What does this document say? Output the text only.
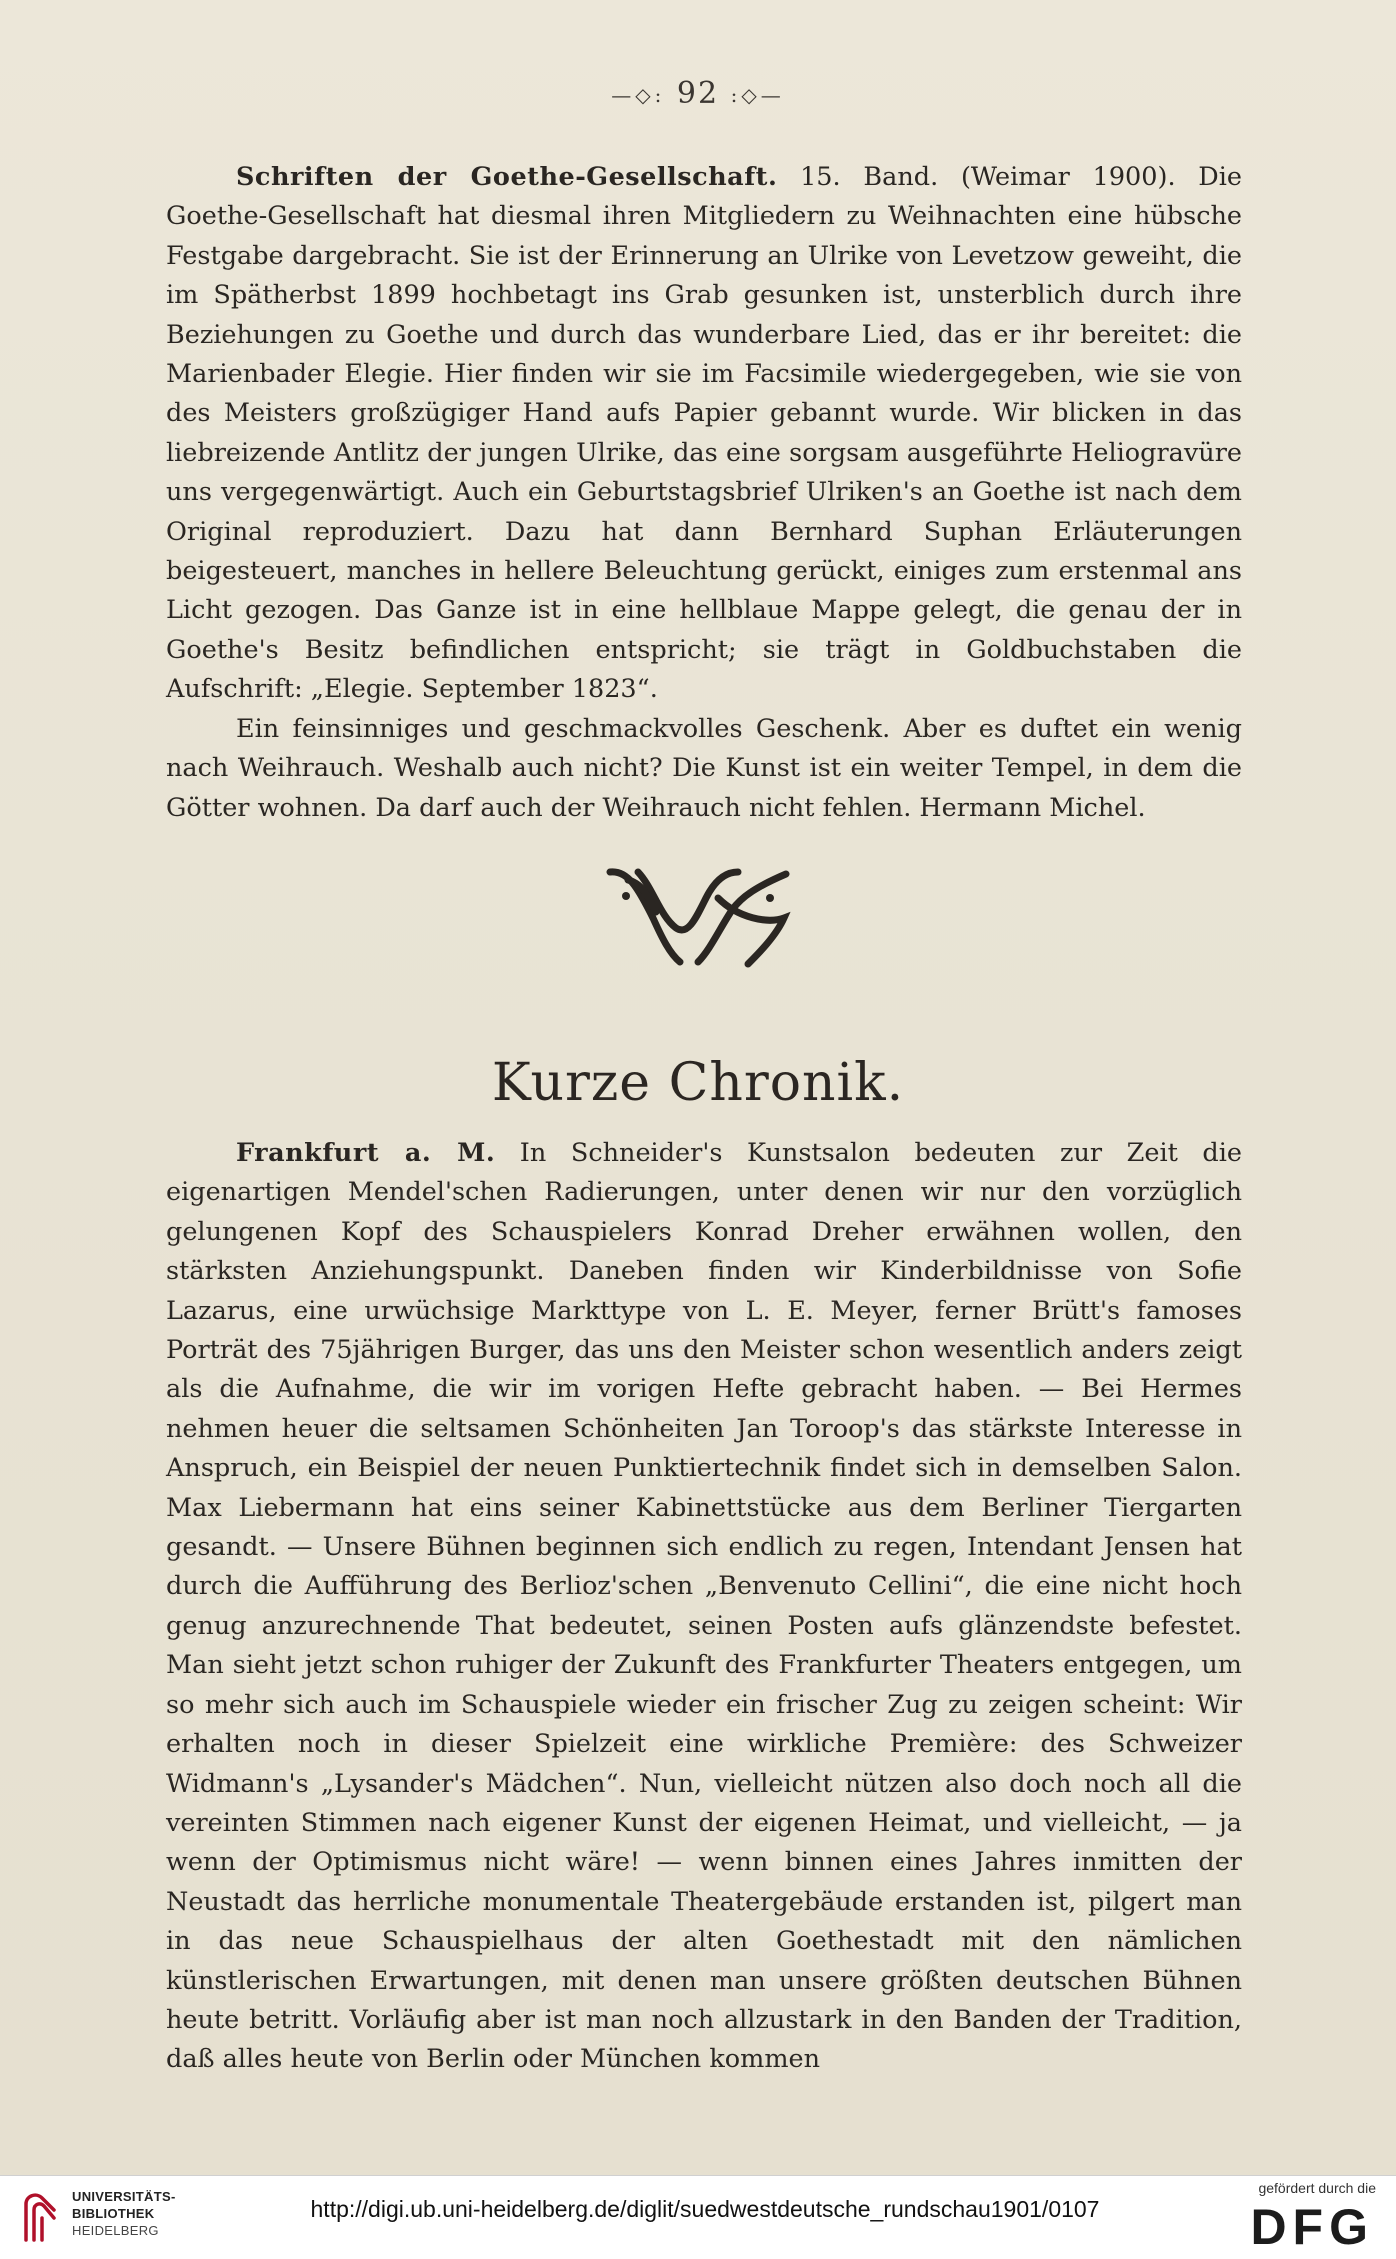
—◇: 92 :◇—

Schriften der Goethe-Gesellschaft. 15. Band. (Weimar 1900). Die Goethe-Gesellschaft hat diesmal ihren Mitgliedern zu Weihnachten eine hübsche Festgabe dargebracht. Sie ist der Erinnerung an Ulrike von Levetzow geweiht, die im Spätherbst 1899 hochbetagt ins Grab gesunken ist, unsterblich durch ihre Beziehungen zu Goethe und durch das wunderbare Lied, das er ihr bereitet: die Marienbader Elegie. Hier finden wir sie im Facsimile wiedergegeben, wie sie von des Meisters großzügiger Hand aufs Papier gebannt wurde. Wir blicken in das liebreizende Antlitz der jungen Ulrike, das eine sorgsam ausgeführte Heliogravüre uns vergegenwärtigt. Auch ein Geburtstagsbrief Ulriken's an Goethe ist nach dem Original reproduziert. Dazu hat dann Bernhard Suphan Erläuterungen beigesteuert, manches in hellere Beleuchtung gerückt, einiges zum erstenmal ans Licht gezogen. Das Ganze ist in eine hellblaue Mappe gelegt, die genau der in Goethe's Besitz befindlichen entspricht; sie trägt in Goldbuchstaben die Aufschrift: „Elegie. September 1823“.

Ein feinsinniges und geschmackvolles Geschenk. Aber es duftet ein wenig nach Weihrauch. Weshalb auch nicht? Die Kunst ist ein weiter Tempel, in dem die Götter wohnen. Da darf auch der Weihrauch nicht fehlen. Hermann Michel.

Kurze Chronik.

Frankfurt a. M. In Schneider's Kunstsalon bedeuten zur Zeit die eigenartigen Mendel'schen Radierungen, unter denen wir nur den vorzüglich gelungenen Kopf des Schauspielers Konrad Dreher erwähnen wollen, den stärksten Anziehungspunkt. Daneben finden wir Kinderbildnisse von Sofie Lazarus, eine urwüchsige Markttype von L. E. Meyer, ferner Brütt's famoses Porträt des 75jährigen Burger, das uns den Meister schon wesentlich anders zeigt als die Aufnahme, die wir im vorigen Hefte gebracht haben. — Bei Hermes nehmen heuer die seltsamen Schönheiten Jan Toroop's das stärkste Interesse in Anspruch, ein Beispiel der neuen Punktiertechnik findet sich in demselben Salon. Max Liebermann hat eins seiner Kabinettstücke aus dem Berliner Tiergarten gesandt. — Unsere Bühnen beginnen sich endlich zu regen, Intendant Jensen hat durch die Aufführung des Berlioz'schen „Benvenuto Cellini“, die eine nicht hoch genug anzurechnende That bedeutet, seinen Posten aufs glänzendste befestet. Man sieht jetzt schon ruhiger der Zukunft des Frankfurter Theaters entgegen, um so mehr sich auch im Schauspiele wieder ein frischer Zug zu zeigen scheint: Wir erhalten noch in dieser Spielzeit eine wirkliche Première: des Schweizer Widmann's „Lysander's Mädchen“. Nun, vielleicht nützen also doch noch all die vereinten Stimmen nach eigener Kunst der eigenen Heimat, und vielleicht, — ja wenn der Optimismus nicht wäre! — wenn binnen eines Jahres inmitten der Neustadt das herrliche monumentale Theatergebäude erstanden ist, pilgert man in das neue Schauspielhaus der alten Goethestadt mit den nämlichen künstlerischen Erwartungen, mit denen man unsere größten deutschen Bühnen heute betritt. Vorläufig aber ist man noch allzustark in den Banden der Tradition, daß alles heute von Berlin oder München kommen

UNIVERSITÄTS-
BIBLIOTHEK
HEIDELBERG
http://digi.ub.uni-heidelberg.de/diglit/suedwestdeutsche_rundschau1901/0107
gefördert durch die
DFG
